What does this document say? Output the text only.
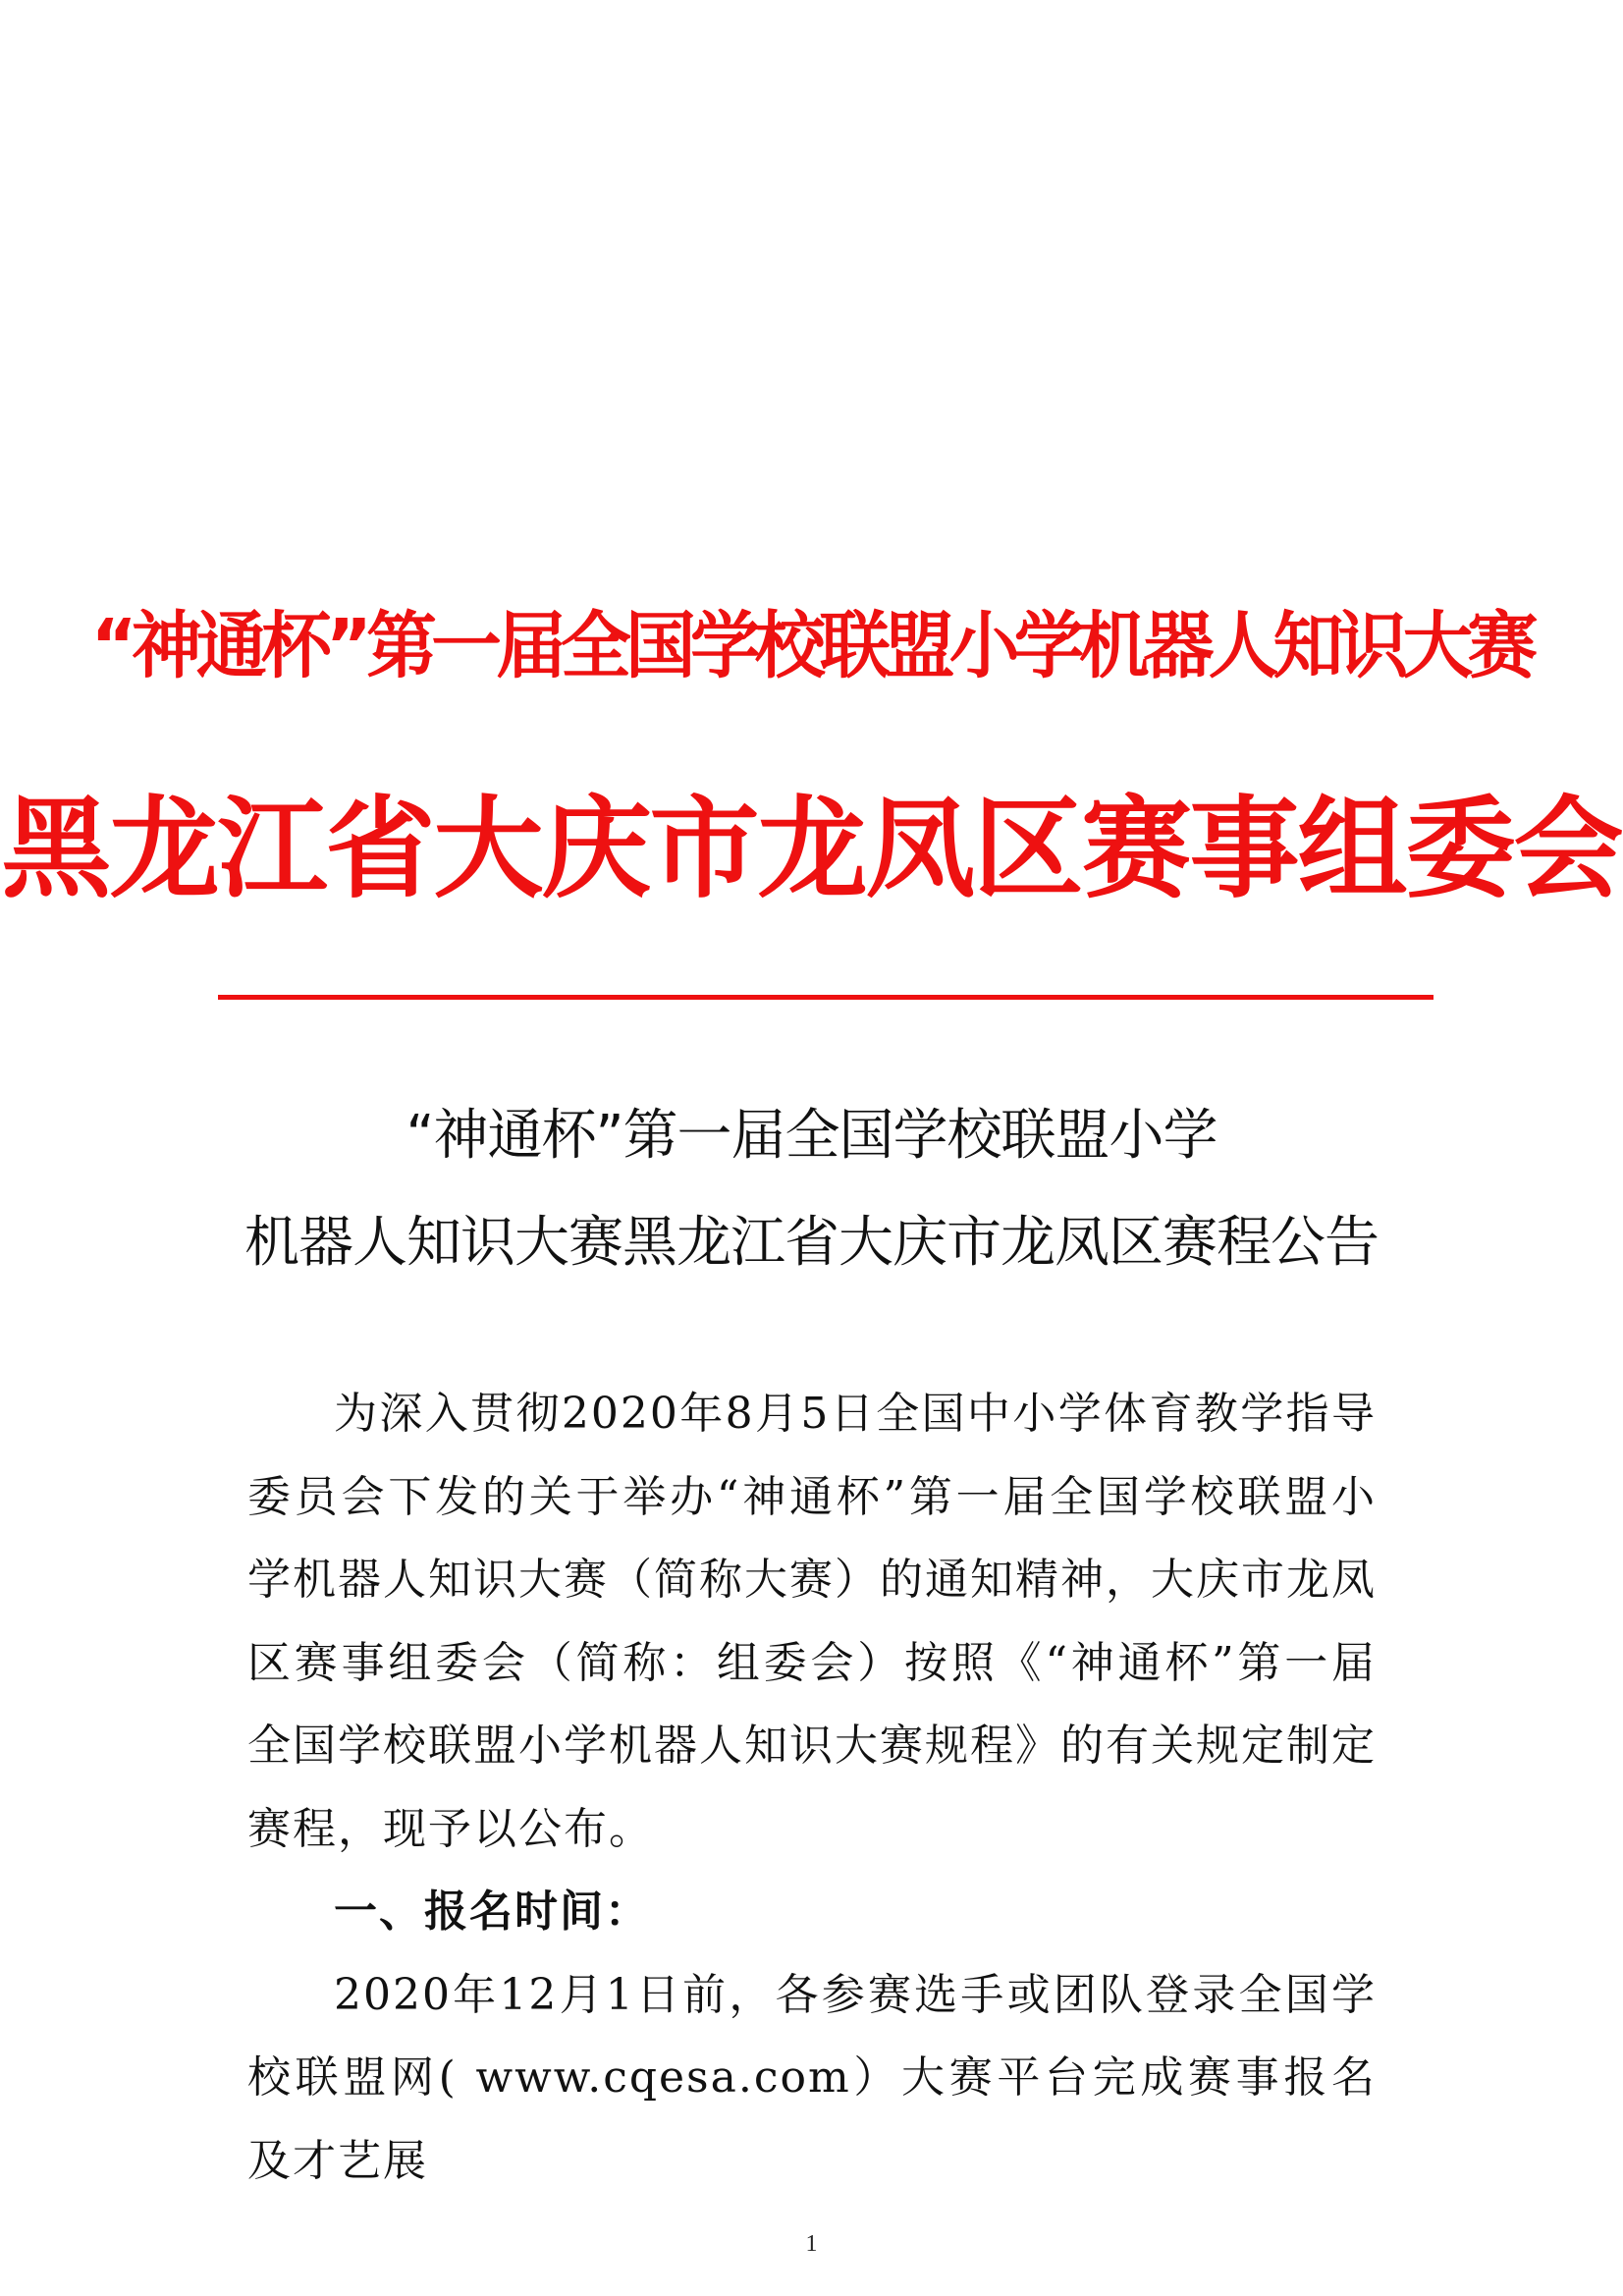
“神通杯”第一届全国学校联盟小学机器人知识大赛
黑龙江省大庆市龙凤区赛事组委会
“神通杯”第一届全国学校联盟小学
机器人知识大赛黑龙江省大庆市龙凤区赛程公告

为深入贯彻2020年8月5日全国中小学体育教学指导委员会下发的关于举办“神通杯”第一届全国学校联盟小学机器人知识大赛（简称大赛）的通知精神，大庆市龙凤区赛事组委会（简称：组委会）按照《“神通杯”第一届全国学校联盟小学机器人知识大赛规程》的有关规定制定赛程，现予以公布。

一、报名时间：

2020年12月1日前，各参赛选手或团队登录全国学校联盟网( www.cqesa.com）大赛平台完成赛事报名及才艺展

1
